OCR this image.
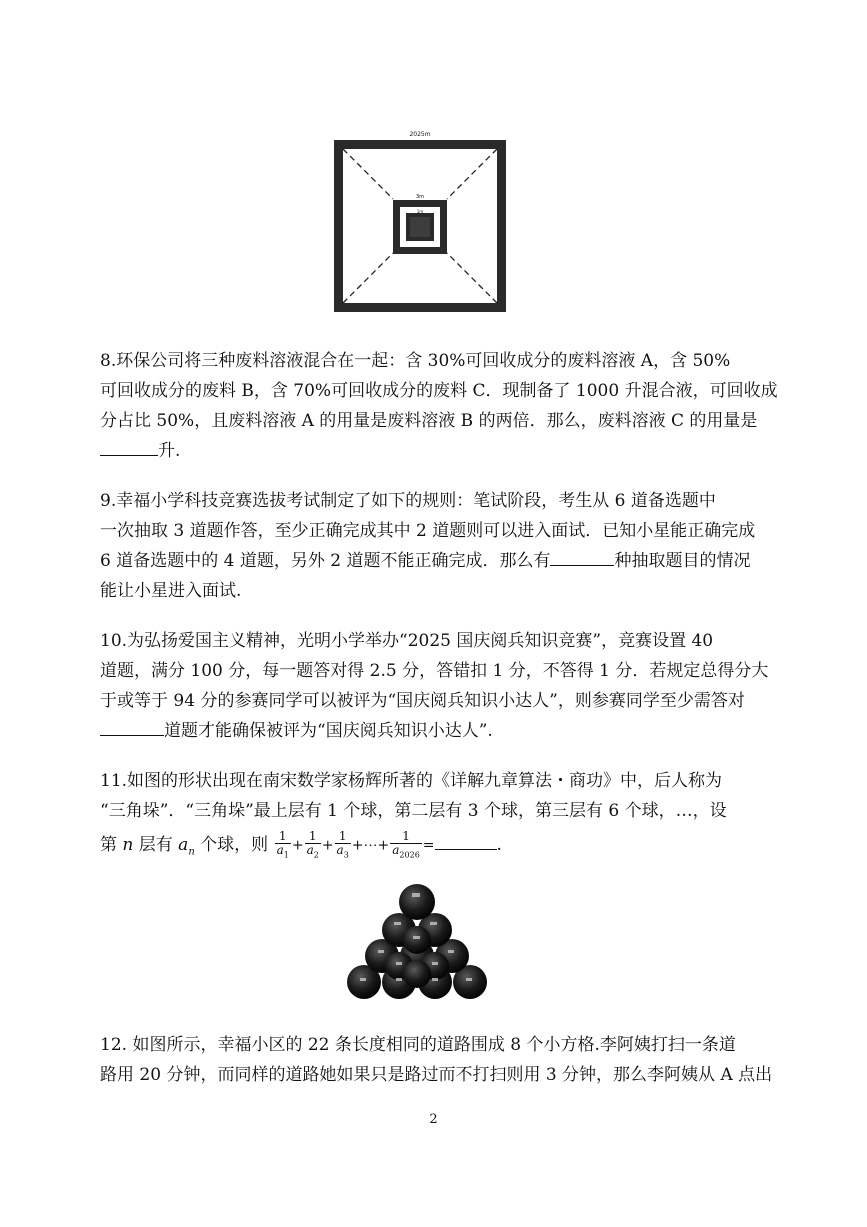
2025m
3m
1m

8.环保公司将三种废料溶液混合在一起：含 30%可回收成分的废料溶液 A，含 50%

可回收成分的废料 B，含 70%可回收成分的废料 C．现制备了 1000 升混合液，可回收成

分占比 50%，且废料溶液 A 的用量是废料溶液 B 的两倍．那么，废料溶液 C 的用量是

升.

9.幸福小学科技竞赛选拔考试制定了如下的规则：笔试阶段，考生从 6 道备选题中

一次抽取 3 道题作答，至少正确完成其中 2 道题则可以进入面试．已知小星能正确完成

6 道备选题中的 4 道题，另外 2 道题不能正确完成．那么有	种抽取题目的情况

能让小星进入面试.

10.为弘扬爱国主义精神，光明小学举办“2025 国庆阅兵知识竞赛”，竞赛设置 40

道题，满分 100 分，每一题答对得 2.5 分，答错扣 1 分，不答得 1 分．若规定总得分大

于或等于 94 分的参赛同学可以被评为“国庆阅兵知识小达人”，则参赛同学至少需答对

道题才能确保被评为“国庆阅兵知识小达人”.

11.如图的形状出现在南宋数学家杨辉所著的《详解九章算法・商功》中，后人称为

“三角垛”．“三角垛”最上层有 1 个球，第二层有 3 个球，第三层有 6 个球，…，设

第 n 层有 $a_n$ 个球，则 $\frac{1}{a_1} + \frac{1}{a_2} + \frac{1}{a_3}$ +⋯+ $\frac{1}{a_{2026}}$ =	.

12. 如图所示，幸福小区的 22 条长度相同的道路围成 8 个小方格.李阿姨打扫一条道

路用 20 分钟，而同样的道路她如果只是路过而不打扫则用 3 分钟，那么李阿姨从 A 点出

2
